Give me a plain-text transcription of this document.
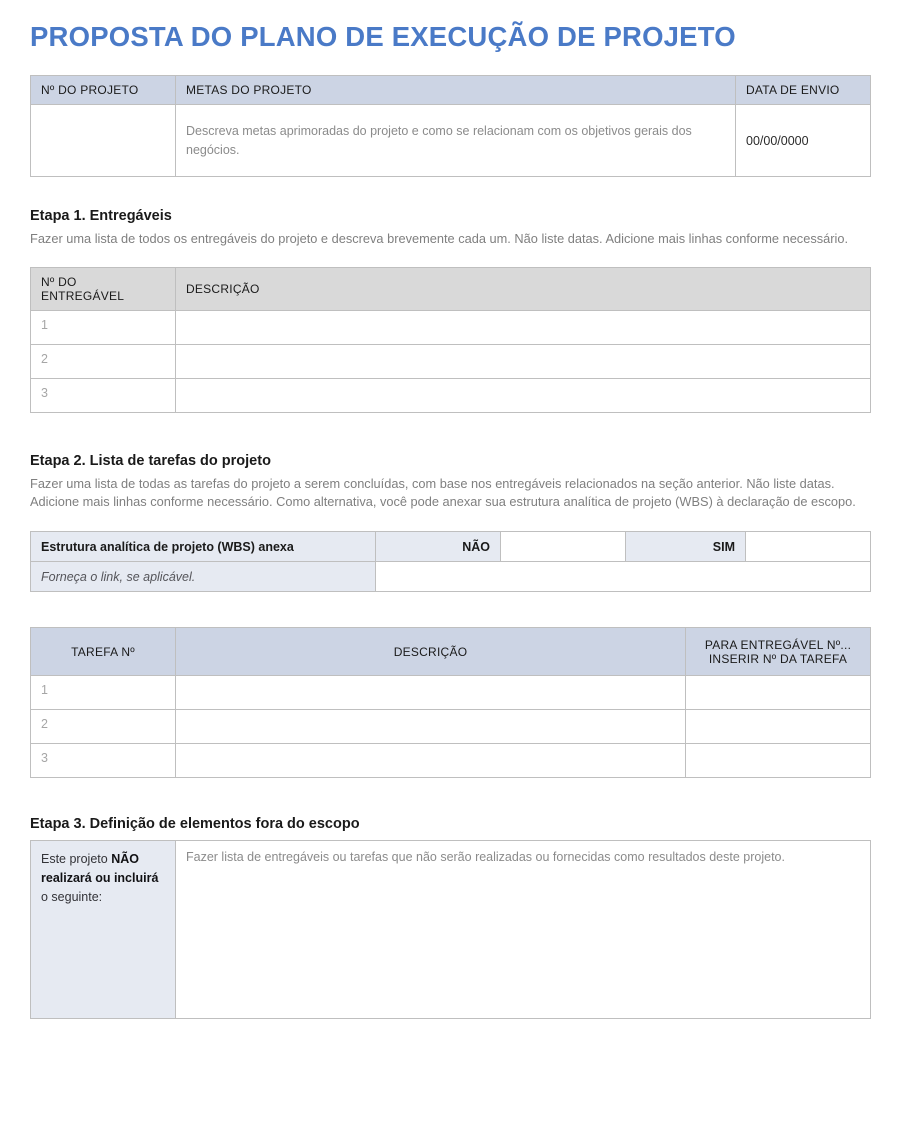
PROPOSTA DO PLANO DE EXECUÇÃO DE PROJETO
Nº DO PROJETO	METAS DO PROJETO	DATA DE ENVIO
	Descreva metas aprimoradas do projeto e como se relacionam com os objetivos gerais dos negócios.	00/00/0000
Etapa 1. Entregáveis

Fazer uma lista de todos os entregáveis do projeto e descreva brevemente cada um. Não liste datas. Adicione mais linhas conforme necessário.

Nº DO
ENTREGÁVEL	DESCRIÇÃO
1	
2	
3	
Etapa 2. Lista de tarefas do projeto

Fazer uma lista de todas as tarefas do projeto a serem concluídas, com base nos entregáveis relacionados na seção anterior. Não liste datas. Adicione mais linhas conforme necessário. Como alternativa, você pode anexar sua estrutura analítica de projeto (WBS) à declaração de escopo.

Estrutura analítica de projeto (WBS) anexa	NÃO		SIM	
Forneça o link, se aplicável.				
TAREFA Nº	DESCRIÇÃO	PARA ENTREGÁVEL Nº...
INSERIR Nº DA TAREFA
1		
2		
3		
Etapa 3. Definição de elementos fora do escopo
Este projeto NÃO realizará ou incluirá o seguinte:	Fazer lista de entregáveis ou tarefas que não serão realizadas ou fornecidas como resultados deste projeto.
